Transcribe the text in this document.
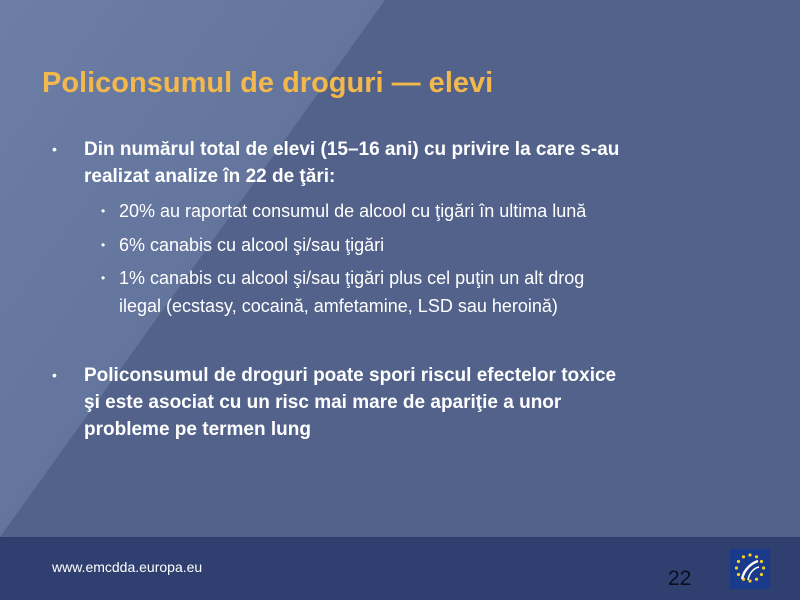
Policonsumul de droguri — elevi
• Din numărul total de elevi (15–16 ani) cu privire la care s-au
realizat analize în 22 de ţări:
• 20% au raportat consumul de alcool cu ţigări în ultima lună
• 6% canabis cu alcool şi/sau ţigări
• 1% canabis cu alcool şi/sau ţigări plus cel puţin un alt drog
ilegal (ecstasy, cocaină, amfetamine, LSD sau heroină)
• Policonsumul de droguri poate spori riscul efectelor toxice
şi este asociat cu un risc mai mare de apariţie a unor
probleme pe termen lung
www.emcdda.europa.eu	22
